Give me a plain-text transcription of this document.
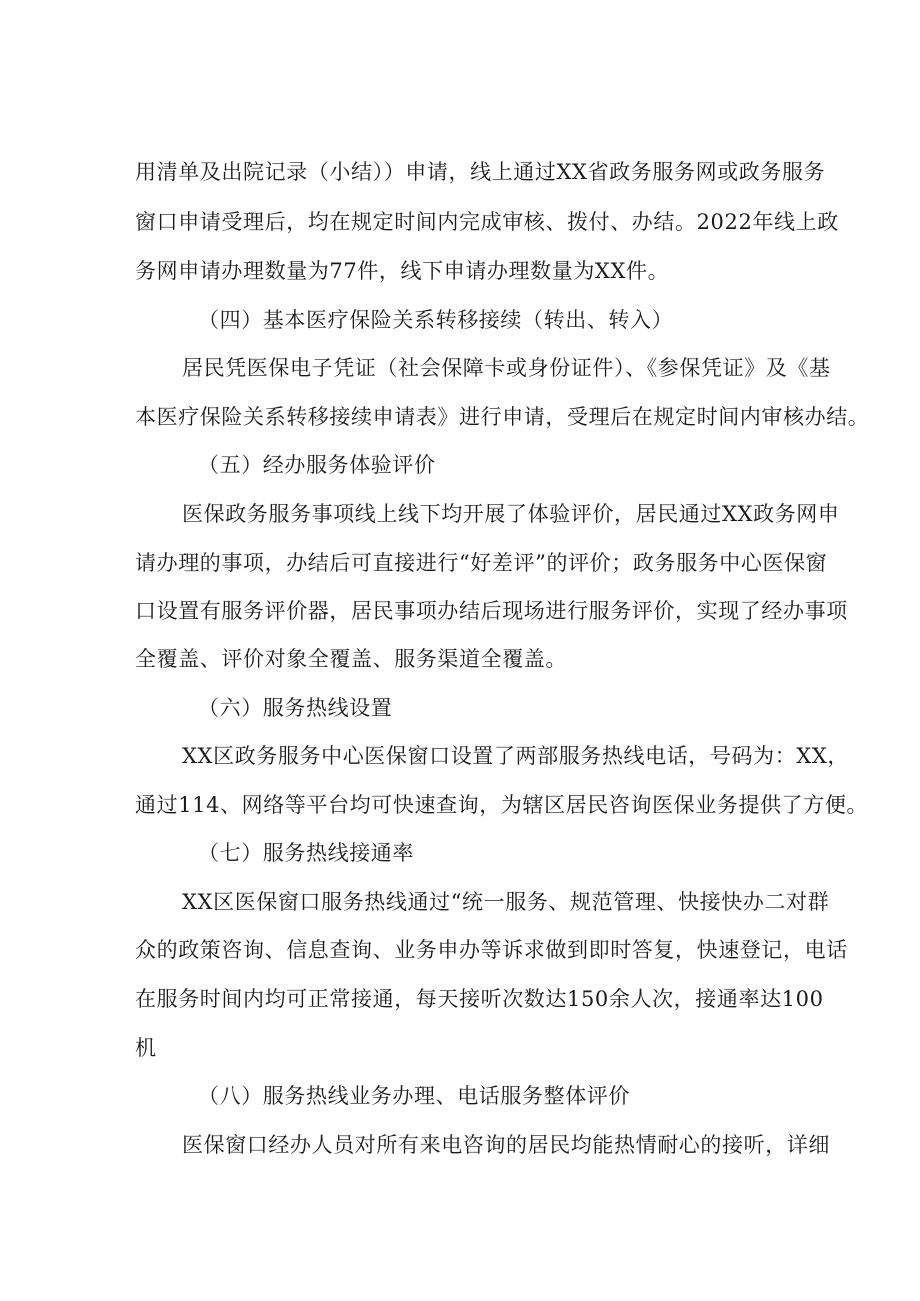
用清单及出院记录（小结））申请，线上通过XX省政务服务网或政务服务
窗口申请受理后，均在规定时间内完成审核、拨付、办结。2022年线上政
务网申请办理数量为77件，线下申请办理数量为XX件。
（四）基本医疗保险关系转移接续（转出、转入）
居民凭医保电子凭证（社会保障卡或身份证件）、《参保凭证》及《基
本医疗保险关系转移接续申请表》进行申请，受理后在规定时间内审核办结。
（五）经办服务体验评价
医保政务服务事项线上线下均开展了体验评价，居民通过XX政务网申
请办理的事项，办结后可直接进行“好差评”的评价；政务服务中心医保窗
口设置有服务评价器，居民事项办结后现场进行服务评价，实现了经办事项
全覆盖、评价对象全覆盖、服务渠道全覆盖。
（六）服务热线设置
XX区政务服务中心医保窗口设置了两部服务热线电话，号码为：XX，
通过114、网络等平台均可快速查询，为辖区居民咨询医保业务提供了方便。
（七）服务热线接通率
XX区医保窗口服务热线通过“统一服务、规范管理、快接快办二对群
众的政策咨询、信息查询、业务申办等诉求做到即时答复，快速登记，电话
在服务时间内均可正常接通，每天接听次数达150余人次，接通率达100
机
（八）服务热线业务办理、电话服务整体评价
医保窗口经办人员对所有来电咨询的居民均能热情耐心的接听，详细
